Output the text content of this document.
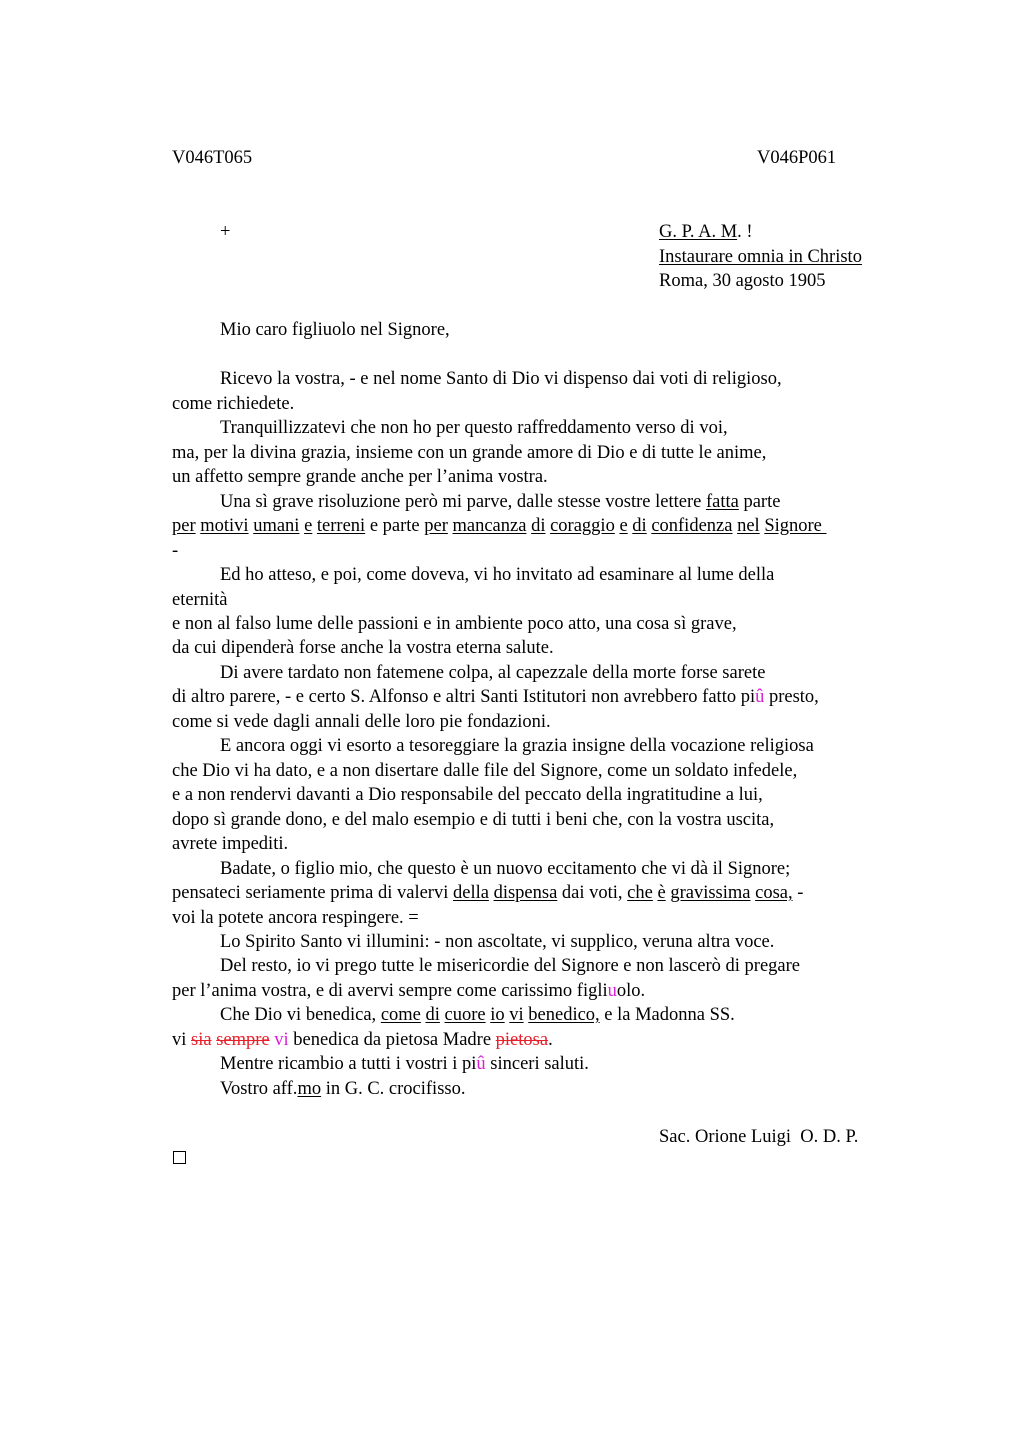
V046T065	V046P061
+	G. P. A. M. !
Instaurare omnia in Christo
Roma, 30 agosto 1905
Mio caro figliuolo nel Signore,
Ricevo la vostra, - e nel nome Santo di Dio vi dispenso dai voti di religioso,
come richiedete.
Tranquillizzatevi che non ho per questo raffreddamento verso di voi,
ma, per la divina grazia, insieme con un grande amore di Dio e di tutte le anime,
un affetto sempre grande anche per l’anima vostra.
Una sì grave risoluzione però mi parve, dalle stesse vostre lettere fatta parte
per motivi umani e terreni e parte per mancanza di coraggio e di confidenza nel Signore
-
Ed ho atteso, e poi, come doveva, vi ho invitato ad esaminare al lume della
eternità
e non al falso lume delle passioni e in ambiente poco atto, una cosa sì grave,
da cui dipenderà forse anche la vostra eterna salute.
Di avere tardato non fatemene colpa, al capezzale della morte forse sarete
di altro parere, - e certo S. Alfonso e altri Santi Istitutori non avrebbero fatto piû presto,
come si vede dagli annali delle loro pie fondazioni.
E ancora oggi vi esorto a tesoreggiare la grazia insigne della vocazione religiosa
che Dio vi ha dato, e a non disertare dalle file del Signore, come un soldato infedele,
e a non rendervi davanti a Dio responsabile del peccato della ingratitudine a lui,
dopo sì grande dono, e del malo esempio e di tutti i beni che, con la vostra uscita,
avrete impediti.
Badate, o figlio mio, che questo è un nuovo eccitamento che vi dà il Signore;
pensateci seriamente prima di valervi della dispensa dai voti, che è gravissima cosa, -
voi la potete ancora respingere. =
Lo Spirito Santo vi illumini: - non ascoltate, vi supplico, veruna altra voce.
Del resto, io vi prego tutte le misericordie del Signore e non lascerò di pregare
per l’anima vostra, e di avervi sempre come carissimo figliuolo.
Che Dio vi benedica, come di cuore io vi benedico, e la Madonna SS.
vi sia sempre vi benedica da pietosa Madre pietosa.
Mentre ricambio a tutti i vostri i piû sinceri saluti.
Vostro aff.mo in G. C. crocifisso.
Sac. Orione Luigi  O. D. P.
